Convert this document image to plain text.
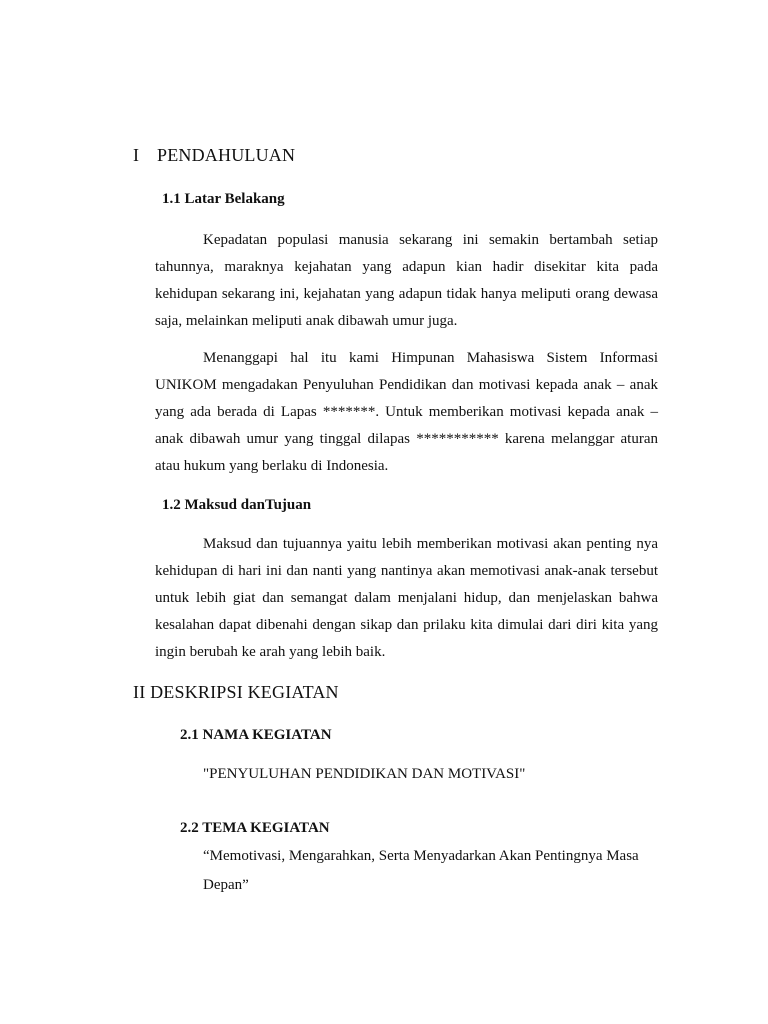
I PENDAHULUAN
1.1 Latar Belakang
Kepadatan populasi manusia sekarang ini semakin bertambah setiap tahunnya, maraknya kejahatan yang adapun kian hadir disekitar kita pada kehidupan sekarang ini, kejahatan yang adapun tidak hanya meliputi orang dewasa saja, melainkan meliputi anak dibawah umur juga.
Menanggapi hal itu kami Himpunan Mahasiswa Sistem Informasi UNIKOM mengadakan Penyuluhan Pendidikan dan motivasi kepada anak – anak yang ada berada di Lapas *******. Untuk memberikan motivasi kepada anak – anak dibawah umur yang tinggal dilapas *********** karena melanggar aturan atau hukum yang berlaku di Indonesia.
1.2 Maksud danTujuan
Maksud dan tujuannya yaitu lebih memberikan motivasi akan penting nya kehidupan di hari ini dan nanti yang nantinya akan memotivasi anak-anak tersebut untuk lebih giat dan semangat dalam menjalani hidup, dan menjelaskan bahwa kesalahan dapat dibenahi dengan sikap dan prilaku kita dimulai dari diri kita yang ingin berubah ke arah yang lebih baik.
II DESKRIPSI KEGIATAN
2.1 NAMA KEGIATAN
"PENYULUHAN PENDIDIKAN DAN MOTIVASI"
2.2 TEMA KEGIATAN
“Memotivasi, Mengarahkan, Serta Menyadarkan Akan Pentingnya Masa Depan”
